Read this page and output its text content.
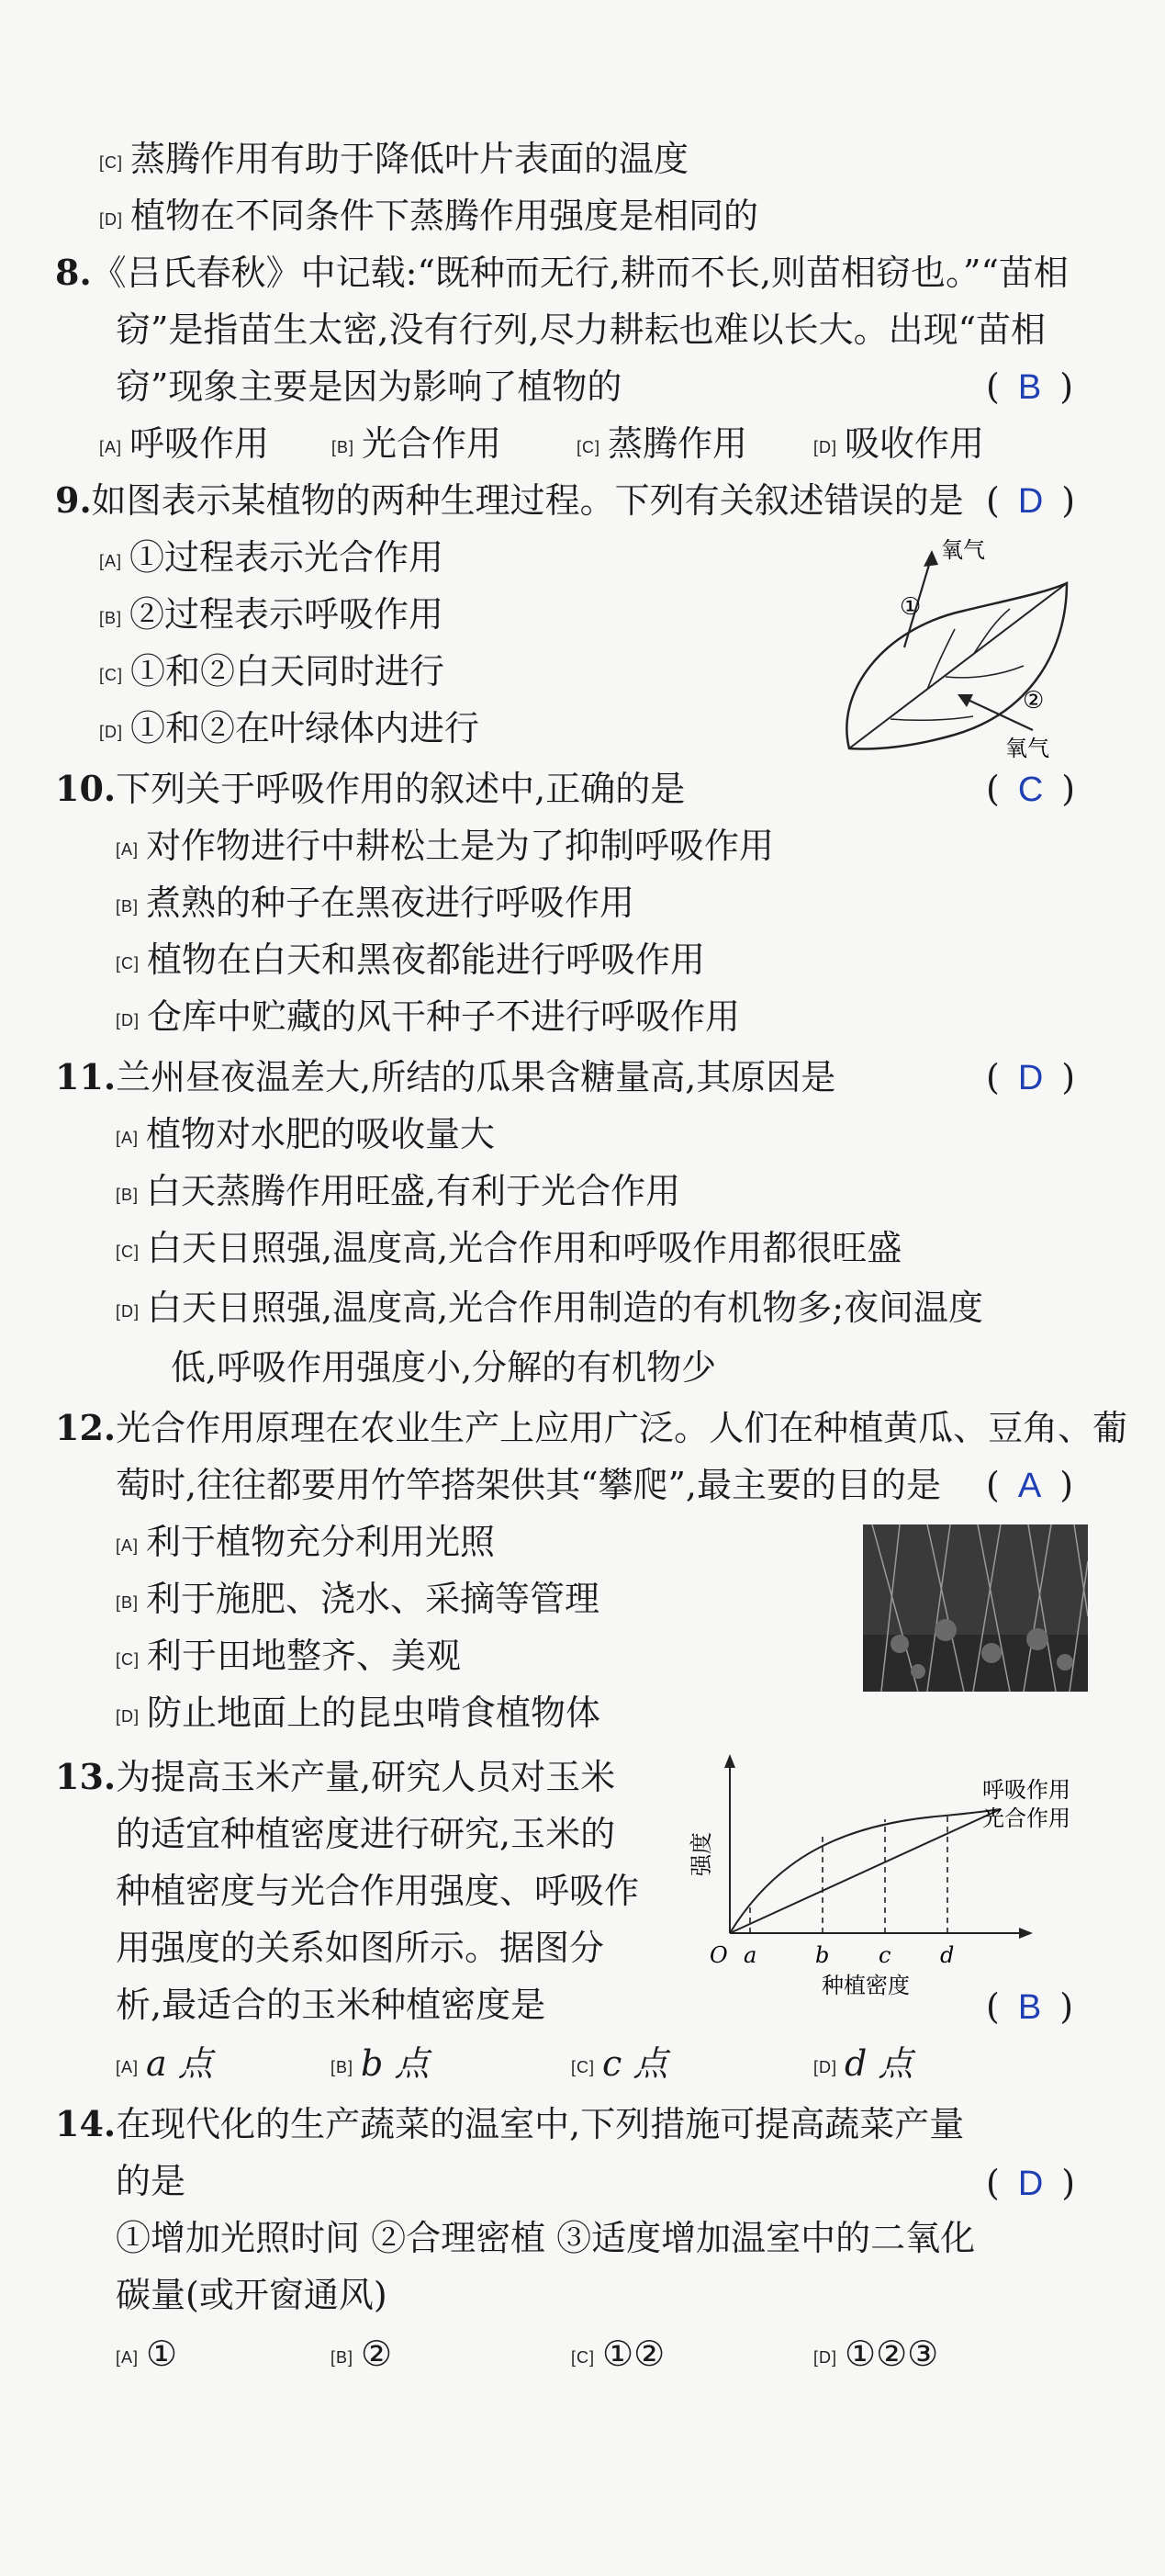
[C] 蒸腾作用有助于降低叶片表面的温度
[D] 植物在不同条件下蒸腾作用强度是相同的
8.《吕氏春秋》中记载:“既种而无行,耕而不长,则苗相窃也。”“苗相
窃”是指苗生太密,没有行列,尽力耕耘也难以长大。出现“苗相
窃”现象主要是因为影响了植物的	( B )
[A] 呼吸作用	[B] 光合作用	[C] 蒸腾作用	[D] 吸收作用
9.如图表示某植物的两种生理过程。下列有关叙述错误的是 ( D )
[A] ①过程表示光合作用
[B] ②过程表示呼吸作用
[C] ①和②白天同时进行
[D] ①和②在叶绿体内进行
①
②
氧气
氧气
10.下列关于呼吸作用的叙述中,正确的是	( C )
[A] 对作物进行中耕松土是为了抑制呼吸作用
[B] 煮熟的种子在黑夜进行呼吸作用
[C] 植物在白天和黑夜都能进行呼吸作用
[D] 仓库中贮藏的风干种子不进行呼吸作用
11.兰州昼夜温差大,所结的瓜果含糖量高,其原因是	( D )
[A] 植物对水肥的吸收量大
[B] 白天蒸腾作用旺盛,有利于光合作用
[C] 白天日照强,温度高,光合作用和呼吸作用都很旺盛
[D] 白天日照强,温度高,光合作用制造的有机物多;夜间温度
低,呼吸作用强度小,分解的有机物少
12.光合作用原理在农业生产上应用广泛。人们在种植黄瓜、豆角、葡
萄时,往往都要用竹竿搭架供其“攀爬”,最主要的目的是 ( A )
[A] 利于植物充分利用光照
[B] 利于施肥、浇水、采摘等管理
[C] 利于田地整齐、美观
[D] 防止地面上的昆虫啃食植物体
13.为提高玉米产量,研究人员对玉米
的适宜种植密度进行研究,玉米的
种植密度与光合作用强度、呼吸作
用强度的关系如图所示。据图分
析,最适合的玉米种植密度是	( B )
[A] a 点	[B] b 点	[C] c 点	[D] d 点
O a	b c d
种植密度
强度
呼吸作用
光合作用
14.在现代化的生产蔬菜的温室中,下列措施可提高蔬菜产量
的是	( D )
①增加光照时间 ②合理密植 ③适度增加温室中的二氧化
碳量(或开窗通风)
[A] ①	[B] ②	[C] ①②	[D] ①②③
